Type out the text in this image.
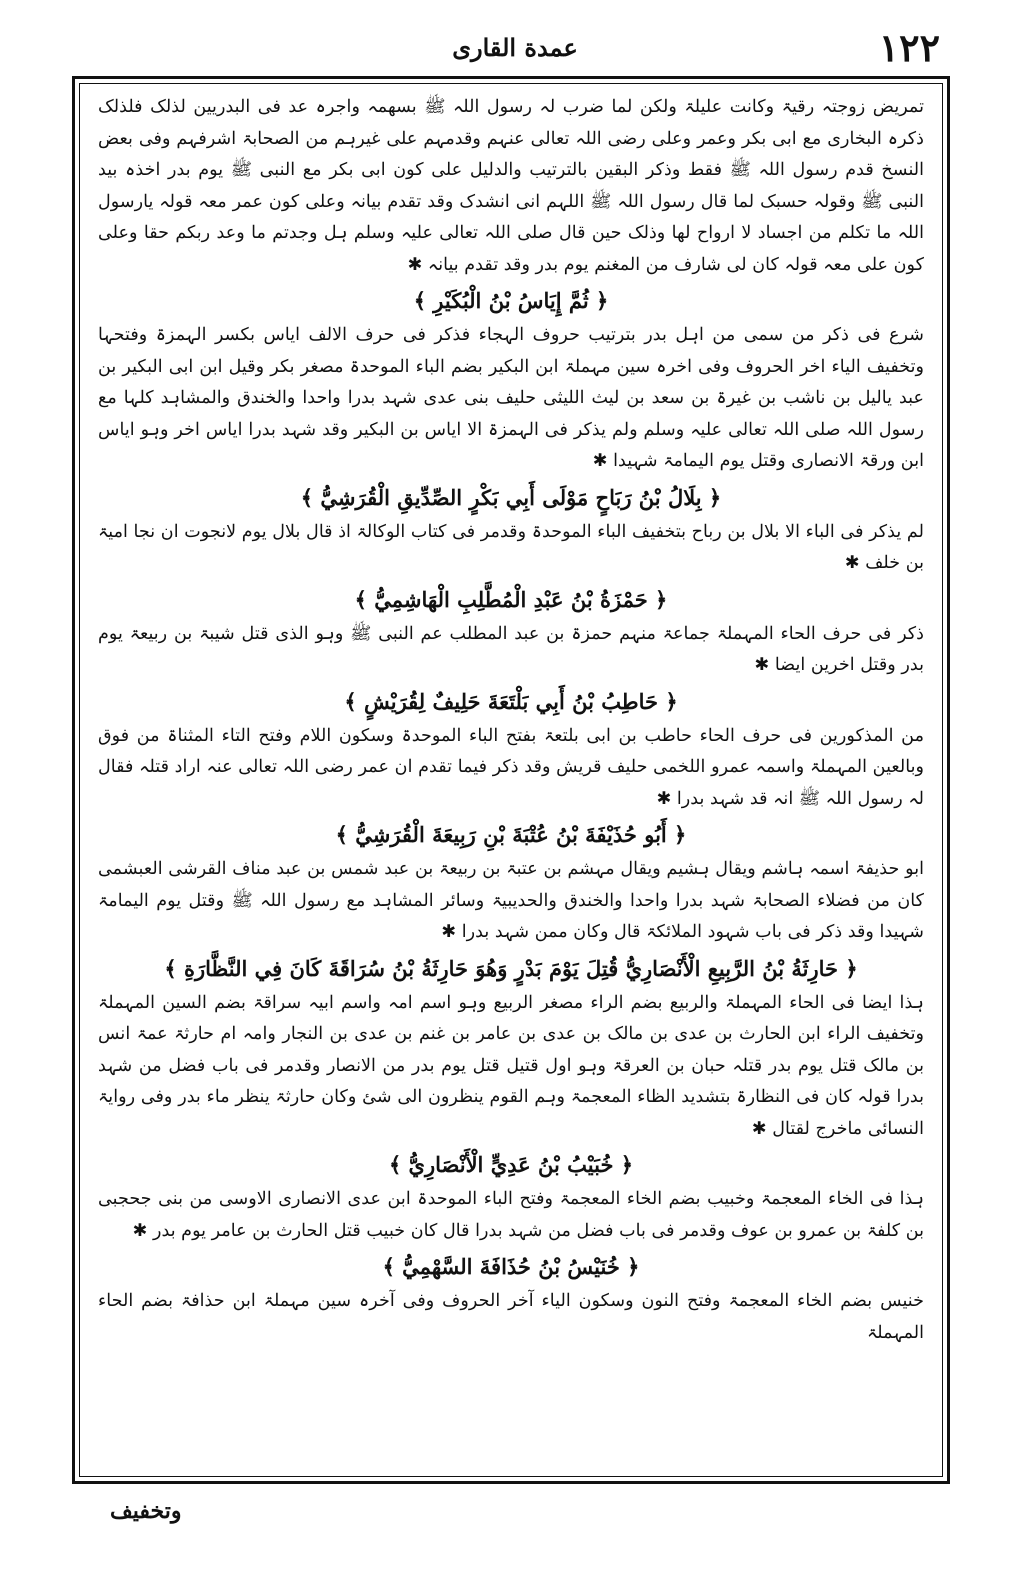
١٢٢
عمدة القاری

تمریض زوجتہ رقیۃ وکانت علیلۃ ولکن لما ضرب لہ رسول اللہ ﷺ بسھمہ واجرہ عد فی البدریین لذلک فلذلک ذکرہ البخاری مع ابی بکر وعمر وعلی رضی اللہ تعالی عنہم وقدمہم علی غیرہم من الصحابۃ اشرفہم وفی بعض النسخ قدم رسول اللہ ﷺ فقط وذکر البقین بالترتیب والدلیل علی کون ابی بکر مع النبی ﷺ یوم بدر اخذہ بید النبی ﷺ وقولہ حسبک لما قال رسول اللہ ﷺ اللہم انی انشدک وقد تقدم بیانہ وعلی کون عمر معہ قولہ یارسول اللہ ما تکلم من اجساد لا ارواح لھا وذلک حین قال صلی اللہ تعالی علیہ وسلم ہل وجدتم ما وعد ربکم حقا وعلی کون علی معہ قولہ کان لی شارف من المغنم یوم بدر وقد تقدم بیانہ ✱

﴿ ثُمَّ إِيَاسُ بْنُ الْبُكَيْرِ ﴾

شرع فی ذکر من سمی من اہل بدر بترتیب حروف الہجاء فذکر فی حرف الالف ایاس بکسر الہمزۃ وفتحہا وتخفیف الیاء اخر الحروف وفی اخرہ سین مہملۃ ابن البکیر بضم الباء الموحدۃ مصغر بکر وقیل ابن ابی البکیر بن عبد یالیل بن ناشب بن غیرۃ بن سعد بن لیث اللیثی حلیف بنی عدی شہد بدرا واحدا والخندق والمشاہد کلہا مع رسول اللہ صلی اللہ تعالی علیہ وسلم ولم یذکر فی الہمزۃ الا ایاس بن البکیر وقد شہد بدرا ایاس اخر وہو ایاس ابن ورقۃ الانصاری وقتل یوم الیمامۃ شہیدا ✱

﴿ بِلَالُ بْنُ رَبَاحٍ مَوْلَى أَبِي بَكْرٍ الصِّدِّيقِ الْقُرَشِيُّ ﴾

لم یذکر فی الباء الا بلال بن رباح بتخفیف الباء الموحدۃ وقدمر فی کتاب الوکالۃ اذ قال بلال یوم لانجوت ان نجا امیۃ بن خلف ✱

﴿ حَمْزَةُ بْنُ عَبْدِ الْمُطَّلِبِ الْهَاشِمِيُّ ﴾

ذکر فی حرف الحاء المہملۃ جماعۃ منہم حمزۃ بن عبد المطلب عم النبی ﷺ وہو الذی قتل شیبۃ بن ربیعۃ یوم بدر وقتل اخرین ایضا ✱

﴿ حَاطِبُ بْنُ أَبِي بَلْتَعَةَ حَلِيفٌ لِقُرَيْشٍ ﴾

من المذکورین فی حرف الحاء حاطب بن ابی بلتعۃ بفتح الباء الموحدۃ وسکون اللام وفتح التاء المثناۃ من فوق وبالعین المہملۃ واسمہ عمرو اللخمی حلیف قریش وقد ذکر فیما تقدم ان عمر رضی اللہ تعالی عنہ اراد قتلہ فقال لہ رسول اللہ ﷺ انہ قد شہد بدرا ✱

﴿ أَبُو حُذَيْفَةَ بْنُ عُتْبَةَ بْنِ رَبِيعَةَ الْقُرَشِيُّ ﴾

ابو حذیفۃ اسمہ ہاشم ویقال ہشیم ویقال مہشم بن عتبۃ بن ربیعۃ بن عبد شمس بن عبد مناف القرشی العبشمی کان من فضلاء الصحابۃ شہد بدرا واحدا والخندق والحدیبیۃ وسائر المشاہد مع رسول اللہ ﷺ وقتل یوم الیمامۃ شہیدا وقد ذکر فی باب شہود الملائکۃ قال وکان ممن شہد بدرا ✱

﴿ حَارِثَةُ بْنُ الرَّبِيعِ الْأَنْصَارِيُّ قُتِلَ يَوْمَ بَدْرٍ وَهُوَ حَارِثَةُ بْنُ سُرَاقَةَ كَانَ فِي النَّظَّارَةِ ﴾

ہذا ایضا فی الحاء المہملۃ والربیع بضم الراء مصغر الربیع وہو اسم امہ واسم ابیہ سراقۃ بضم السین المہملۃ وتخفیف الراء ابن الحارث بن عدی بن مالک بن عدی بن عامر بن غنم بن عدی بن النجار وامہ ام حارثۃ عمۃ انس بن مالک قتل یوم بدر قتلہ حبان بن العرقۃ وہو اول قتیل قتل یوم بدر من الانصار وقدمر فی باب فضل من شہد بدرا قولہ کان فی النظارۃ بتشدید الظاء المعجمۃ وہم القوم ینظرون الی شئ وکان حارثۃ ینظر ماء بدر وفی روایۃ النسائی ماخرج لقتال ✱

﴿ خُبَيْبُ بْنُ عَدِيٍّ الْأَنْصَارِيُّ ﴾

ہذا فی الخاء المعجمۃ وخبیب بضم الخاء المعجمۃ وفتح الباء الموحدۃ ابن عدی الانصاری الاوسی من بنی جحجبی بن کلفۃ بن عمرو بن عوف وقدمر فی باب فضل من شہد بدرا قال کان خبیب قتل الحارث بن عامر یوم بدر ✱

﴿ خُنَيْسُ بْنُ حُذَافَةَ السَّهْمِيُّ ﴾

خنیس بضم الخاء المعجمۃ وفتح النون وسکون الیاء آخر الحروف وفی آخرہ سین مہملۃ ابن حذافۃ بضم الحاء المہملۃ

وتخفیف
